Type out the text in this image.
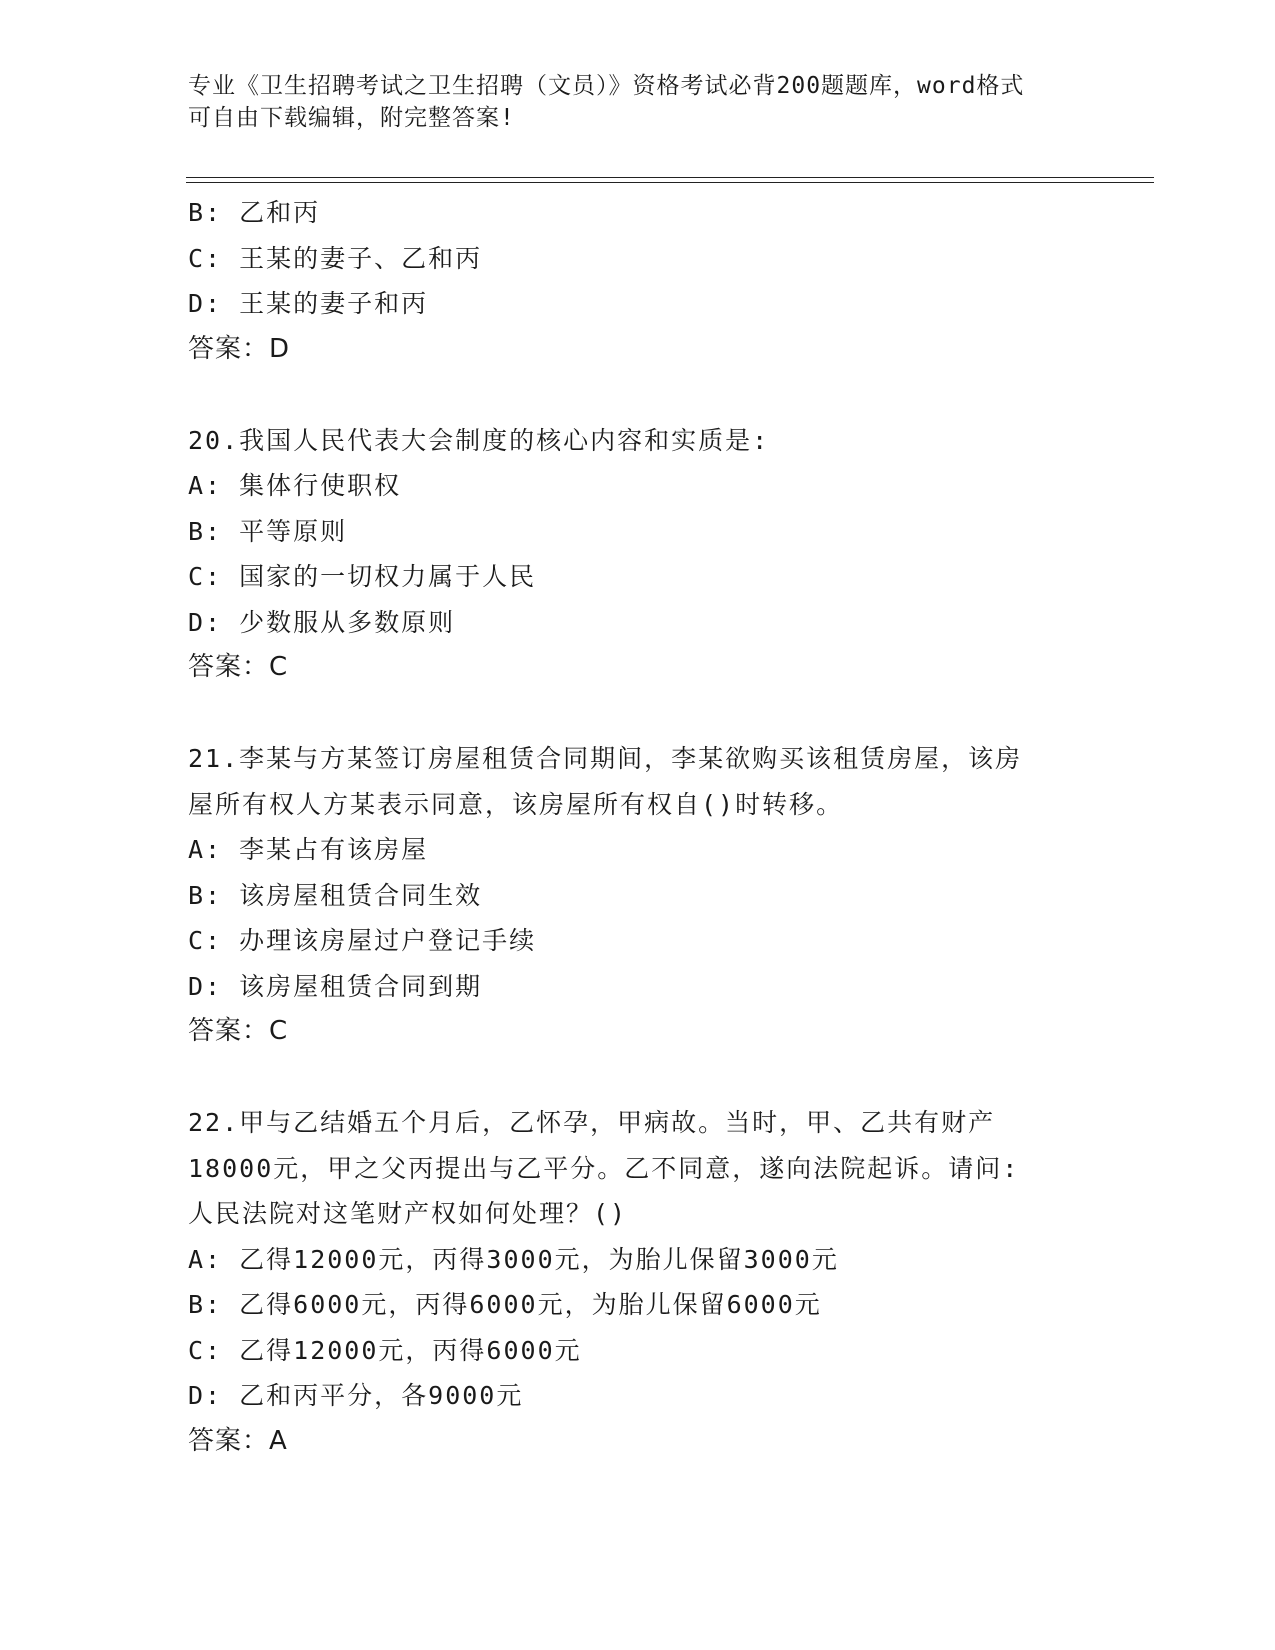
专业《卫生招聘考试之卫生招聘（文员）》资格考试必背200题题库，word格式
可自由下载编辑，附完整答案!
B: 乙和丙
C: 王某的妻子、乙和丙
D: 王某的妻子和丙
答案：D
20.我国人民代表大会制度的核心内容和实质是:
A: 集体行使职权
B: 平等原则
C: 国家的一切权力属于人民
D: 少数服从多数原则
答案：C
21.李某与方某签订房屋租赁合同期间，李某欲购买该租赁房屋，该房
屋所有权人方某表示同意，该房屋所有权自()时转移。
A: 李某占有该房屋
B: 该房屋租赁合同生效
C: 办理该房屋过户登记手续
D: 该房屋租赁合同到期
答案：C
22.甲与乙结婚五个月后，乙怀孕，甲病故。当时，甲、乙共有财产
18000元，甲之父丙提出与乙平分。乙不同意，遂向法院起诉。请问:
人民法院对这笔财产权如何处理？()
A: 乙得12000元，丙得3000元，为胎儿保留3000元
B: 乙得6000元，丙得6000元，为胎儿保留6000元
C: 乙得12000元，丙得6000元
D: 乙和丙平分，各9000元
答案：A
